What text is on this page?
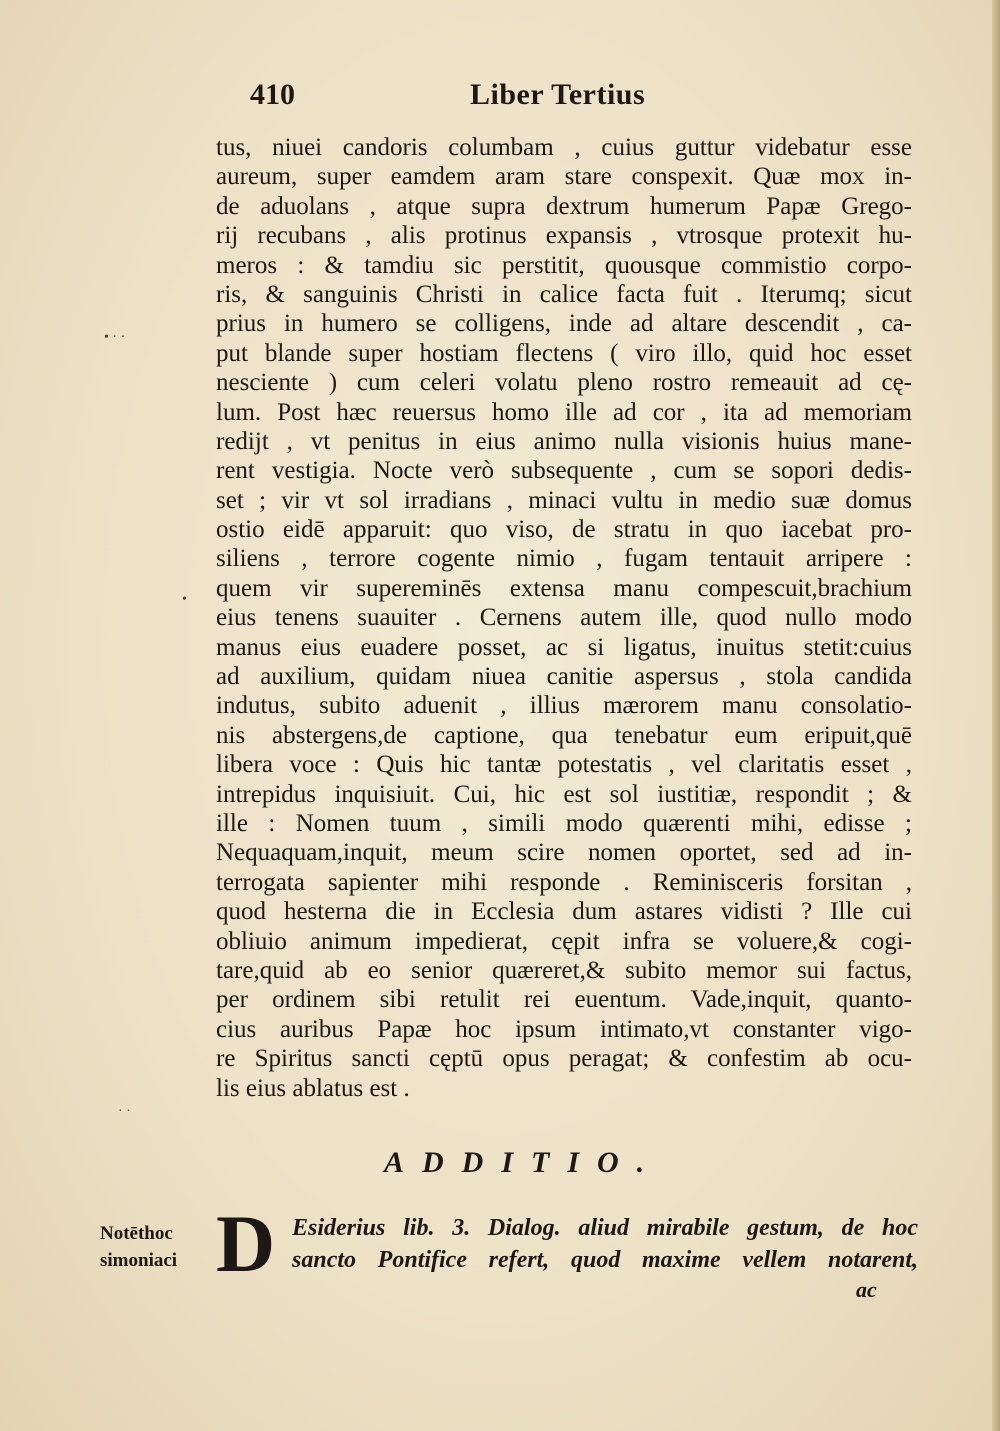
410	Liber Tertius
tus, niuei candoris columbam , cuius guttur videbatur esse
aureum, super eamdem aram stare conspexit. Quæ mox in-
de aduolans , atque supra dextrum humerum Papæ Grego-
rij recubans , alis protinus expansis , vtrosque protexit hu-
meros : & tamdiu sic perstitit, quousque commistio corpo-
ris, & sanguinis Christi in calice facta fuit . Iterumq; sicut
prius in humero se colligens, inde ad altare descendit , ca-
put blande super hostiam flectens ( viro illo, quid hoc esset
nesciente ) cum celeri volatu pleno rostro remeauit ad cę-
lum. Post hæc reuersus homo ille ad cor , ita ad memoriam
redijt , vt penitus in eius animo nulla visionis huius mane-
rent vestigia. Nocte verò subsequente , cum se sopori dedis-
set ; vir vt sol irradians , minaci vultu in medio suæ domus
ostio eidē apparuit: quo viso, de stratu in quo iacebat pro-
siliens , terrore cogente nimio , fugam tentauit arripere :
quem vir supereminēs extensa manu compescuit,brachium
eius tenens suauiter . Cernens autem ille, quod nullo modo
manus eius euadere posset, ac si ligatus, inuitus stetit:cuius
ad auxilium, quidam niuea canitie aspersus , stola candida
indutus, subito aduenit , illius mærorem manu consolatio-
nis abstergens,de captione, qua tenebatur eum eripuit,quē
libera voce : Quis hic tantæ potestatis , vel claritatis esset ,
intrepidus inquisiuit. Cui, hic est sol iustitiæ, respondit ; &
ille : Nomen tuum , simili modo quærenti mihi, edisse ;
Nequaquam,inquit, meum scire nomen oportet, sed ad in-
terrogata sapienter mihi responde . Reminisceris forsitan ,
quod hesterna die in Ecclesia dum astares vidisti ? Ille cui
obliuio animum impedierat, cępit infra se voluere,& cogi-
tare,quid ab eo senior quæreret,& subito memor sui factus,
per ordinem sibi retulit rei euentum. Vade,inquit, quanto-
cius auribus Papæ hoc ipsum intimato,vt constanter vigo-
re Spiritus sancti cęptū opus peragat; & confestim ab ocu-
lis eius ablatus est .
ADDITIO.
Notēthoc
simoniaci D Esiderius lib. 3. Dialog. aliud mirabile gestum, de hoc
sancto Pontifice refert, quod maxime vellem notarent,
ac
• · ·
•
· ·
